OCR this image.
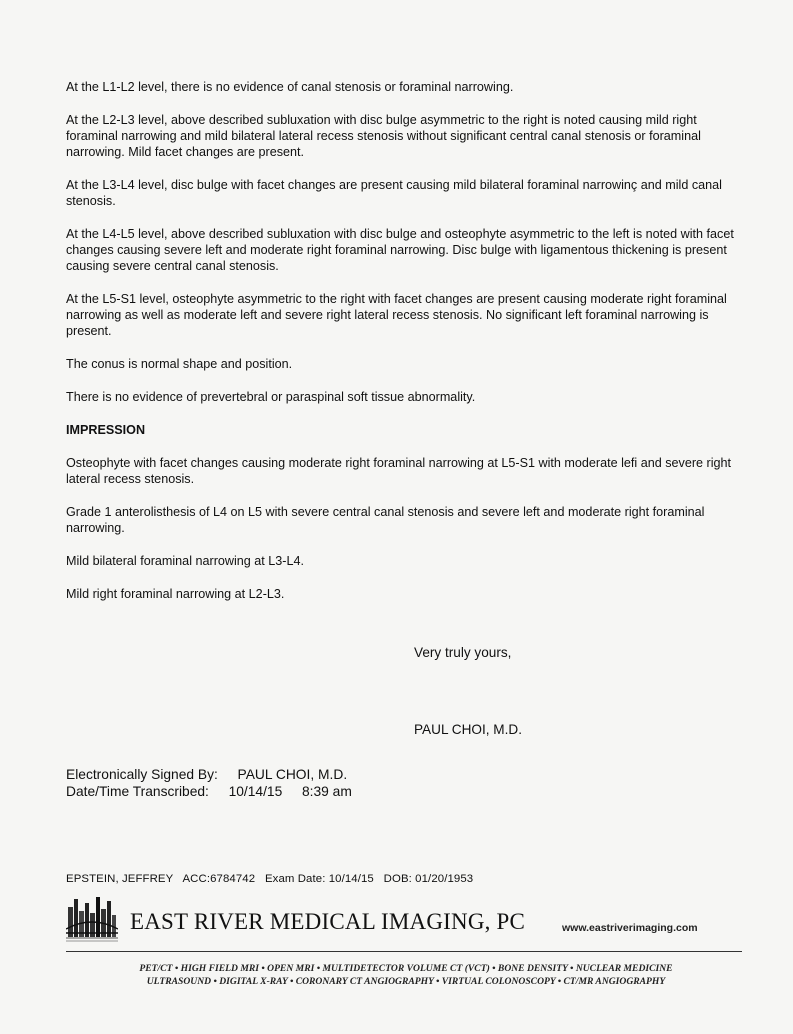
At the L1-L2 level, there is no evidence of canal stenosis or foraminal narrowing.

At the L2-L3 level, above described subluxation with disc bulge asymmetric to the right is noted causing mild right foraminal narrowing and mild bilateral lateral recess stenosis without significant central canal stenosis or foraminal narrowing. Mild facet changes are present.

At the L3-L4 level, disc bulge with facet changes are present causing mild bilateral foraminal narrowinç and mild canal stenosis.

At the L4-L5 level, above described subluxation with disc bulge and osteophyte asymmetric to the left is noted with facet changes causing severe left and moderate right foraminal narrowing. Disc bulge with ligamentous thickening is present causing severe central canal stenosis.

At the L5-S1 level, osteophyte asymmetric to the right with facet changes are present causing moderate right foraminal narrowing as well as moderate left and severe right lateral recess stenosis. No significant left foraminal narrowing is present.

The conus is normal shape and position.

There is no evidence of prevertebral or paraspinal soft tissue abnormality.

IMPRESSION

Osteophyte with facet changes causing moderate right foraminal narrowing at L5-S1 with moderate lefi and severe right lateral recess stenosis.

Grade 1 anterolisthesis of L4 on L5 with severe central canal stenosis and severe left and moderate right foraminal narrowing.

Mild bilateral foraminal narrowing at L3-L4.

Mild right foraminal narrowing at L2-L3.

Very truly yours,
PAUL CHOI, M.D.
Electronically Signed By: PAUL CHOI, M.D.
Date/Time Transcribed: 10/14/15 8:39 am
EPSTEIN, JEFFREY ACC:6784742 Exam Date: 10/14/15 DOB: 01/20/1953
EAST RIVER MEDICAL IMAGING, PC	www.eastriverimaging.com
PET/CT • HIGH FIELD MRI • OPEN MRI • MULTIDETECTOR VOLUME CT (VCT) • BONE DENSITY • NUCLEAR MEDICINE
ULTRASOUND • DIGITAL X-RAY • CORONARY CT ANGIOGRAPHY • VIRTUAL COLONOSCOPY • CT/MR ANGIOGRAPHY
